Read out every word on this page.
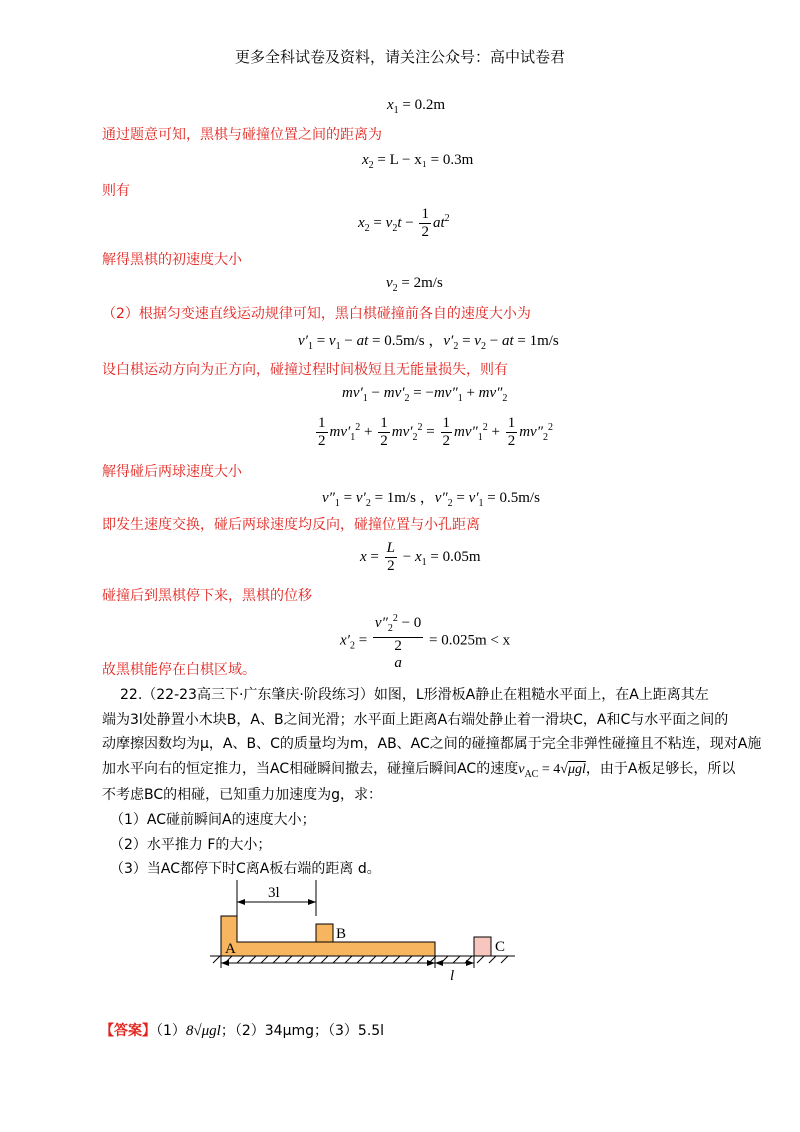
更多全科试卷及资料，请关注公众号：高中试卷君
$x_1 = 0.2m$
通过题意可知，黑棋与碰撞位置之间的距离为
$x_2 = L - x_1 = 0.3m$
则有
$x_2 = v_2t - \frac{1}{2} at^2$
解得黑棋的初速度大小
$v_2 = 2m/s$
（2）根据匀变速直线运动规律可知，黑白棋碰撞前各自的速度大小为
$v'_1 = v_1$ − at = 0.5m/s ，$v'_2 = v_2$ − at = 1m/s
设白棋运动方向为正方向，碰撞过程时间极短且无能量损失，则有
$mv'_1 - mv'_2 = -mv''_1 + mv''_2$
$\frac{1}{2} mv'_1^2 + \frac{1}{2} mv'_2^2 = \frac{1}{2} mv''_1^2 + \frac{1}{2} mv''_2^2$
解得碰后两球速度大小
$v''_1 = v'_2 = 1m/s$ ，$v''_2 = v'_1 = 0.5m/s$
即发生速度交换，碰后两球速度均反向，碰撞位置与小孔距离
$x = \frac{L}{2} - x_1 = 0.05m$
碰撞后到黑棋停下来，黑棋的位移
$x'_2$ =
$v''_2^2 - 0$
2
a = 0.025m < x
故黑棋能停在白棋区域。
22.（22-23高三下·广东肇庆·阶段练习）如图，L形滑板A静止在粗糙水平面上，在A上距离其左
端为3l处静置小木块B，A、B之间光滑；水平面上距离A右端处静止着一滑块C，A和C与水平面之间的
动摩擦因数均为μ，A、B、C的质量均为m，AB、AC之间的碰撞都属于完全非弹性碰撞且不粘连，现对A施
加水平向右的恒定推力，当AC相碰瞬间撤去，碰撞后瞬间AC的速度$v_{AC} = 4√\mu gl$，由于A板足够长，所以
不考虑BC的相碰，已知重力加速度为g，求：
（1）AC碰前瞬间A的速度大小；
（2）水平推力 F的大小；
（3）当AC都停下时C离A板右端的距离 d。
3l
A
B
C
l
【答案】（1）8√μgl；（2）34μmg；（3）5.5l
